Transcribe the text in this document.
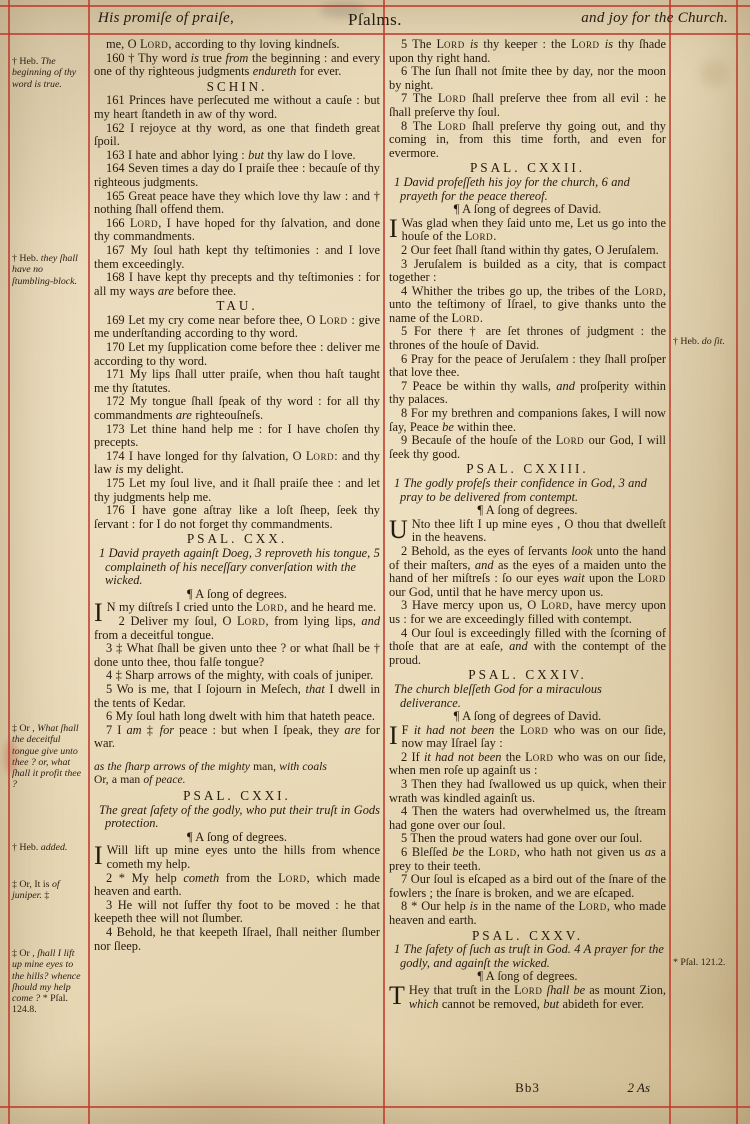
His promiſe of praiſe,	Pſalms.	and joy for the Church.

me, O Lord, according to thy loving kindneſs.

160 † Thy word is true from the beginning : and every one of thy righteous judgments endureth for ever.

SCHIN.

161 Princes have perſecuted me without a cauſe : but my heart ſtandeth in aw of thy word.

162 I rejoyce at thy word, as one that findeth great ſpoil.

163 I hate and abhor lying : but thy law do I love.

164 Seven times a day do I praiſe thee : becauſe of thy righteous judgments.

165 Great peace have they which love thy law : and † nothing ſhall offend them.

166 Lord, I have hoped for thy ſalvation, and done thy commandments.

167 My ſoul hath kept thy teſtimonies : and I love them exceedingly.

168 I have kept thy precepts and thy teſtimonies : for all my ways are before thee.

TAU.

169 Let my cry come near before thee, O Lord : give me underſtanding according to thy word.

170 Let my ſupplication come before thee : deliver me according to thy word.

171 My lips ſhall utter praiſe, when thou haſt taught me thy ſtatutes.

172 My tongue ſhall ſpeak of thy word : for all thy commandments are righteouſneſs.

173 Let thine hand help me : for I have choſen thy precepts.

174 I have longed for thy ſalvation, O Lord: and thy law is my delight.

175 Let my ſoul live, and it ſhall praiſe thee : and let thy judgments help me.

176 I have gone aſtray like a loſt ſheep, ſeek thy ſervant : for I do not forget thy commandments.

PSAL. CXX.

1 David prayeth againſt Doeg, 3 reproveth his tongue, 5 complaineth of his neceſſary converſation with the wicked.

¶ A ſong of degrees.

I N my diſtreſs I cried unto the Lord, and he heard me.

2 Deliver my ſoul, O Lord, from lying lips, and from a deceitful tongue.

3 ‡ What ſhall be given unto thee ? or what ſhall be † done unto thee, thou falſe tongue?

4 ‡ Sharp arrows of the mighty, with coals of juniper.

5 Wo is me, that I ſojourn in Meſech, that I dwell in the tents of Kedar.

6 My ſoul hath long dwelt with him that hateth peace.

7 I am ‡ for peace : but when I ſpeak, they are for war.

as the ſharp arrows of the mighty man, with coals
Or, a man of peace.

PSAL. CXXI.

The great ſafety of the godly, who put their truſt in Gods protection.

¶ A ſong of degrees.

I Will lift up mine eyes unto the hills from whence cometh my help.

2 * My help cometh from the Lord, which made heaven and earth.

3 He will not ſuffer thy foot to be moved : he that keepeth thee will not ſlumber.

4 Behold, he that keepeth Iſrael, ſhall neither ſlumber nor ſleep.

5 The Lord is thy keeper : the Lord is thy ſhade upon thy right hand.

6 The ſun ſhall not ſmite thee by day, nor the moon by night.

7 The Lord ſhall preſerve thee from all evil : he ſhall preſerve thy ſoul.

8 The Lord ſhall preſerve thy going out, and thy coming in, from this time forth, and even for evermore.

PSAL. CXXII.

1 David profeſſeth his joy for the church, 6 and prayeth for the peace thereof.

¶ A ſong of degrees of David.

I Was glad when they ſaid unto me, Let us go into the houſe of the Lord.

2 Our feet ſhall ſtand within thy gates, O Jeruſalem.

3 Jeruſalem is builded as a city, that is compact together :

4 Whither the tribes go up, the tribes of the Lord, unto the teſtimony of Iſrael, to give thanks unto the name of the Lord.

5 For there † are ſet thrones of judgment : the thrones of the houſe of David.

6 Pray for the peace of Jeruſalem : they ſhall proſper that love thee.

7 Peace be within thy walls, and proſperity within thy palaces.

8 For my brethren and companions ſakes, I will now ſay, Peace be within thee.

9 Becauſe of the houſe of the Lord our God, I will ſeek thy good.

PSAL. CXXIII.

1 The godly profeſs their confidence in God, 3 and pray to be delivered from contempt.

¶ A ſong of degrees.

U Nto thee lift I up mine eyes , O thou that dwelleſt in the heavens.

2 Behold, as the eyes of ſervants look unto the hand of their maſters, and as the eyes of a maiden unto the hand of her miſtreſs : ſo our eyes wait upon the Lord our God, until that he have mercy upon us.

3 Have mercy upon us, O Lord, have mercy upon us : for we are exceedingly filled with contempt.

4 Our ſoul is exceedingly filled with the ſcorning of thoſe that are at eaſe, and with the contempt of the proud.

PSAL. CXXIV.

The church bleſſeth God for a miraculous deliverance.

¶ A ſong of degrees of David.

I F it had not been the Lord who was on our ſide, now may Iſrael ſay :

2 If it had not been the Lord who was on our ſide, when men roſe up againſt us :

3 Then they had ſwallowed us up quick, when their wrath was kindled againſt us.

4 Then the waters had overwhelmed us, the ſtream had gone over our ſoul.

5 Then the proud waters had gone over our ſoul.

6 Bleſſed be the Lord, who hath not given us as a prey to their teeth.

7 Our ſoul is eſcaped as a bird out of the ſnare of the fowlers ; the ſnare is broken, and we are eſcaped.

8 * Our help is in the name of the Lord, who made heaven and earth.

PSAL. CXXV.

1 The ſafety of ſuch as truſt in God. 4 A prayer for the godly, and againſt the wicked.

¶ A ſong of degrees.

T Hey that truſt in the Lord ſhall be as mount Zion, which cannot be removed, but abideth for ever.

† Heb. The beginning of thy word is true.
† Heb. they ſhall have no ſtumbling-block.
‡ Or , What ſhall the deceitful tongue give unto thee ? or, what ſhall it profit thee ?
† Heb. added.
‡ Or, It is of juniper. ‡
‡ Or , ſhall I lift up mine eyes to the hills? whence ſhould my help come ? * Pſal. 124.8.
† Heb. do ſit.
* Pſal. 121.2.
Bb3	2 As
